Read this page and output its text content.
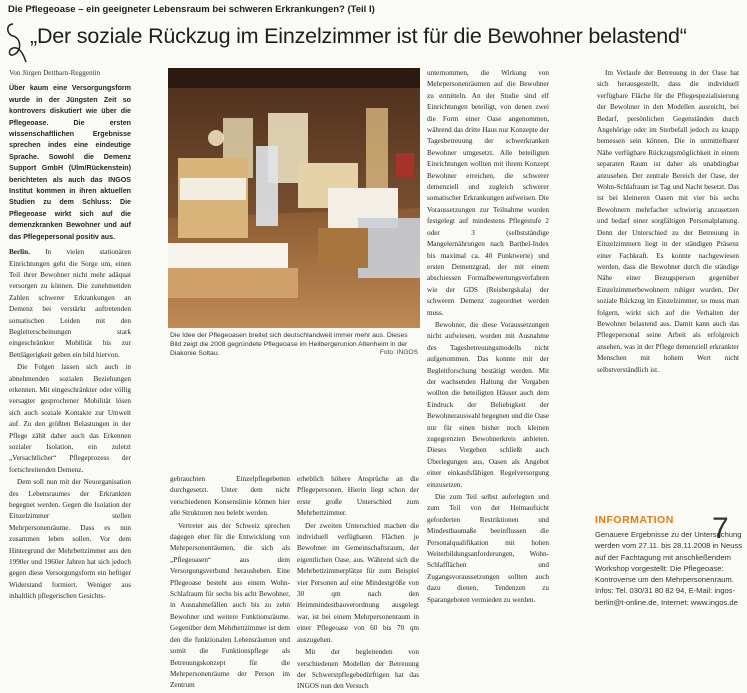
Die Pflegeoase – ein geeigneter Lebensraum bei schweren Erkrankungen? (Teil I)
„Der soziale Rückzug im Einzelzimmer ist für die Bewohner belastend“

Von Jürgen Dettbarn-Reggentin

Über kaum eine Versorgungsform wurde in der Jüngsten Zeit so kontrovers diskutiert wie über die Pflegeoase. Die ersten wissenschaftlichen Ergebnisse sprechen indes eine eindeutige Sprache. Sowohl die Demenz Support GmbH (Ulm/Rückenstein) berichteten als auch das INGOS Institut kommen in ihren aktuellen Studien zu dem Schluss: Die Pflegeoase wirkt sich auf die demenzkranken Bewohner und auf das Pflegepersonal positiv aus.

Berlin. In vielen stationären Einrichtungen geht die Sorge um, einen Teil ihrer Bewohner nicht mehr adäquat versorgen zu können. Die zunehmenden Zahlen schwerer Erkrankungen an Demenz bei verstärkt auftretenden somatischen Leiden mit den Begleiterscheinungen stark eingeschränkter Mobilität bis zur Bettlägerigkeit geben ein bild hiervon.

Die Folgen lassen sich auch in abnehmenden sozialen Beziehungen erkennen. Mit eingeschränkter oder völlig versagter gesprochener Mobilität lösen sich auch soziale Kontakte zur Umwelt auf. Zu den größten Belastungen in der Pflege zählt daher auch das Erkennen sozialer Isolation, ein zuletzt „Versachtlicher“ Pflegeprozess der fortschreitenden Demenz.

Dem soll nun mit der Neuorganisation des Lebensraumes der Erkrankten begegnet werden. Gegen die Isolation der Einzelzimmer stellen Mehrpersonenräume. Dass es nun zusammen leben sollen. Vor dem Hintergrund der Mehrbettzimmer aus den 1990er und 1960er Jahren hat sich jedoch gegen diese Versorgungsform ein heftiger Widerstand formiert. Weniger aus inhaltlich pflegerischen Gesichts-

Die Idee der Pflegeoasen breitet sich deutschlandweit immer mehr aus. Dieses Bild zeigt die 2008 gegründete Pflegeoase im Heilbergerunion Altenheim in der Diakonie Soltau.	Foto: INGOS

gebrauchten Einzelpflegebetten durchgesetzt. Unter dem nicht verschiedenen Konsenslinie können hier alle Strukturen neu belebt werden.

Vertreter aus der Schweiz sprechen dagegen eher für die Entwicklung von Mehrpersonenräumen, die sich als „Pflegeoasen“ aus dem Versorgungsverbund herausheben. Eine Pflegeoase besteht aus einem Wohn-Schlafraum für sechs bis acht Bewohner, in Ausnahmefällen auch bis zu zehn Bewohner und weitere Funktionsräume. Gegenüber dem Mehrbettzimmer ist dem den die funktionalen Lebensräumen und somit die Funktionspflege als Betreuungskonzept für die Mehrpersonenräume der Person im Zentrum

erheblich höhere Ansprüche an die Pflegepersonen. Hierin liegt schon der erste große Unterschied zum Mehrbettzimmer.

Der zweiten Unterschied machen die individuell verfügbaren Flächen je Bewohner im Gemeinschaftsraum, der eigentlichen Oase, aus. Während sich die Mehrbettzimmerplätze für zum Beispiel vier Personen auf eine Mindestgröße von 30 qm nach den Heimmindestbauverordnung ausgelegt war, ist bei einem Mehrpersonenraum in einer Pflegeoase von 60 bis 70 qm auszugehen.

Mit der begleitenden von verschiedenen Modellen der Betreuung der Schwerstpflegebedürftigen hat das INGOS nun den Versuch

unternommen, die Wirkung von Mehrpersonenräumen auf die Bewohner zu ermitteln. An der Studie sind elf Einrichtungen beteiligt, von denen zwei die Form einer Oase angenommen, während das dritte Haus nur Konzepte der Tagesbetreuung der schwerkranken Bewohner umgesetzt. Alle beteiligten Einrichtungen wollten mit ihrem Konzept Bewohner erreichen, die schwerer demenziell und zugleich schwerer somatischer Erkrankungen aufweisen. Die Voraussetzungen zur Teilnahme wurden festgelegt auf mindestens Pflegestufe 2 oder 3 (selbstständige Mangelernährungen nach Barthel-Index bis maximal ca. 40 Punktwerte) und ersten Demenzgrad, der mit einem abschiessen Formalbewertungsverfahren wie der GDS (Reisbergskala) der schweren Demenz zugeordnet werden muss.

Bewohner, die diese Voraussetzungen nicht aufwiesen, wurden mit Ausnahme des Tagesbetreuungsmodells nicht aufgenommen. Das konnte mit der Begleitforschung bestätigt werden. Mit der wachsenden Haltung der Vorgaben wollten die beteiligten Häuser auch dem Eindruck der Beliebigkeit der Bewohnerauswahl begegnen und die Oase nur für einen bisher noch kleinen zugegrenzten Bewohnerkreis anbieten. Dieses Vorgehen schließt auch Überlegungen aus, Oasen als Angebot einer einkaufsfähigen Regelversorgung einzusetzen.

Die zum Teil selbst auferlegten und zum Teil von der Heimaufsicht geforderten Restriktionen und Mindestbaumaße beeinflussen die Personalqualifikation mit hohen Weiterbildungsanforderungen, Wohn-Schlafflächen und Zugangsvoraussetzungen sollten auch dazu dienen, Tendenzen zu Sparangeboten vermieden zu werden.

Im Verlaufe der Betreuung in der Oase hat sich herausgestellt, dass die individuell verfügbare Fläche für die Pflegespezialisierung der Bewohner in den Modellen ausreicht, bei Bedarf, persönlichen Gegenständen durch Angehörige oder im Sterbefall jedoch zu knapp bemessen sein können. Die in unmittelbarer Nähe verfügbare Rückzugsmöglichkeit in einem separaten Raum ist daher als unabdingbar anzusehen. Der zentrale Bereich der Oase, der Wohn-Schlafraum ist Tag und Nacht besetzt. Das ist bei kleineren Oasen mit vier bis sechs Bewohnern mehrfacher schwierig anzusetzen und bedarf einer sorgfältigen Personalplanung. Denn der Unterschied zu der Betreuung in Einzelzimmern liegt in der ständigen Präsenz einer Fachkraft. Es konnte nachgewiesen werden, dass die Bewohner durch die ständige Nähe einer Bezugsperson gegenüber Einzelzimmerbewohnern ruhiger wurden. Der soziale Rückzug im Einzelzimmer, so muss man folgern, wirkt sich auf die Verhalten der Bewohner belastend aus. Damit kann auch das Pflegepersonal seine Arbeit als erfolgreich ansehen, was in der Pflege demenziell erkrankter Menschen mit hohem Wert nicht selbstverständlich ist.

INFORMATION
Genauere Ergebnisse zu der Untersuchung werden vom 27.11. bis 28.11.2008 in Neuss auf der Fachtagung mit anschließendem Workshop vorgestellt: Die Pflegeoase: Kontroverse um den Mehrpersonenraum. Infos: Tel. 030/31 80 82 94, E-Mail: ingos-berlin@t-online.de, Internet: www.ingos.de
7
